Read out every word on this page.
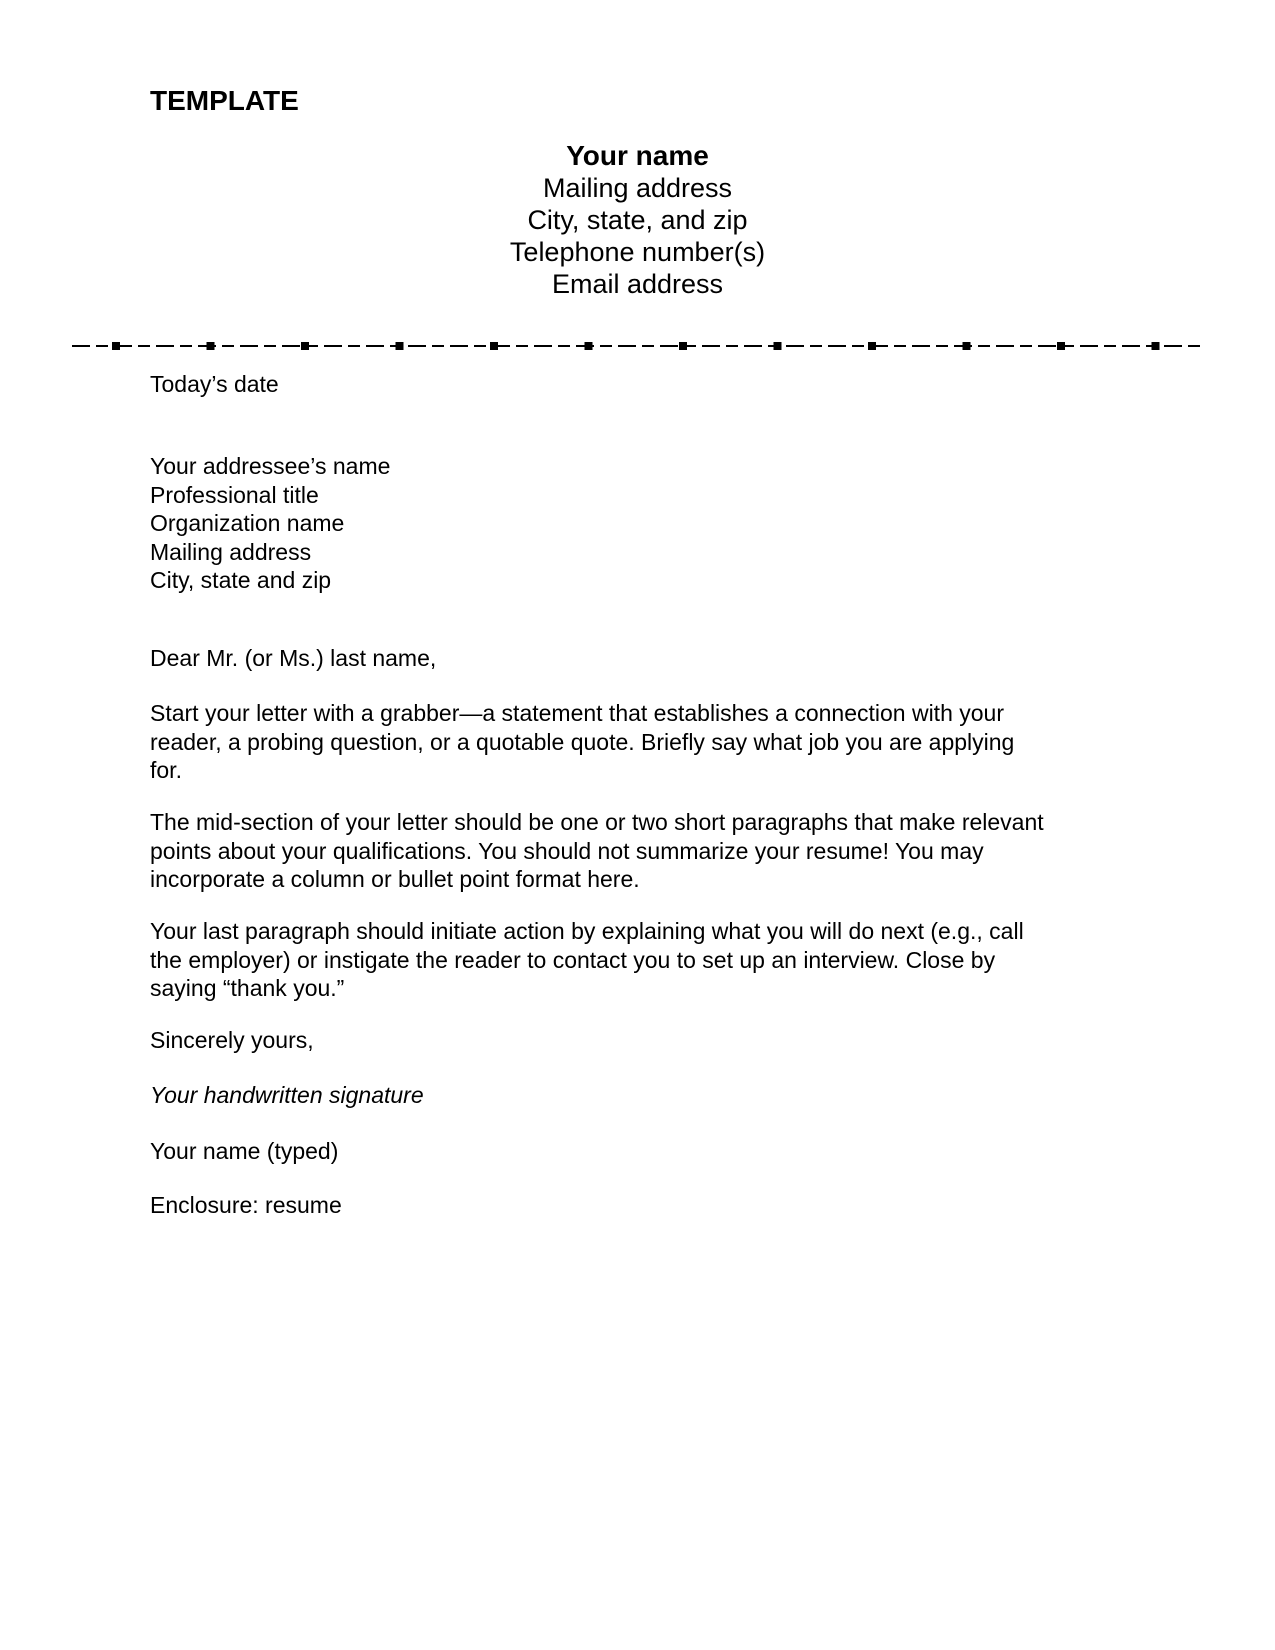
TEMPLATE
Your name
Mailing address
City, state, and zip
Telephone number(s)
Email address
Today’s date
Your addressee’s name
Professional title
Organization name
Mailing address
City, state and zip
Dear Mr. (or Ms.) last name,
Start your letter with a grabber—a statement that establishes a connection with your
reader, a probing question, or a quotable quote. Briefly say what job you are applying
for.
The mid-section of your letter should be one or two short paragraphs that make relevant
points about your qualifications. You should not summarize your resume! You may
incorporate a column or bullet point format here.
Your last paragraph should initiate action by explaining what you will do next (e.g., call
the employer) or instigate the reader to contact you to set up an interview. Close by
saying “thank you.”
Sincerely yours,
Your handwritten signature
Your name (typed)
Enclosure: resume
